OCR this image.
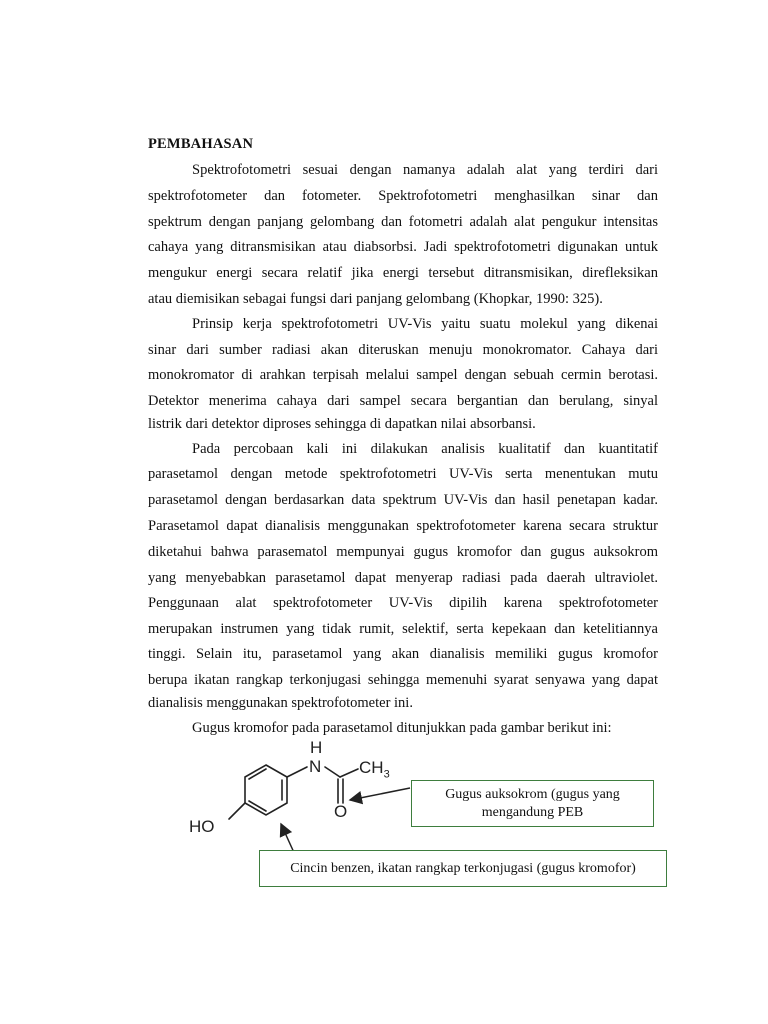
PEMBAHASAN
Spektrofotometri sesuai dengan namanya adalah alat yang terdiri dari
spektrofotometer dan fotometer. Spektrofotometri menghasilkan sinar dan
spektrum dengan panjang gelombang dan fotometri adalah alat pengukur intensitas
cahaya yang ditransmisikan atau diabsorbsi. Jadi spektrofotometri digunakan untuk
mengukur energi secara relatif jika energi tersebut ditransmisikan, direfleksikan
atau diemisikan sebagai fungsi dari panjang gelombang (Khopkar, 1990: 325).
Prinsip kerja spektrofotometri UV-Vis yaitu suatu molekul yang dikenai
sinar dari sumber radiasi akan diteruskan menuju monokromator. Cahaya dari
monokromator di arahkan terpisah melalui sampel dengan sebuah cermin berotasi.
Detektor menerima cahaya dari sampel secara bergantian dan berulang, sinyal
listrik dari detektor diproses sehingga di dapatkan nilai absorbansi.
Pada percobaan kali ini dilakukan analisis kualitatif dan kuantitatif
parasetamol dengan metode spektrofotometri UV-Vis serta menentukan mutu
parasetamol dengan berdasarkan data spektrum UV-Vis dan hasil penetapan kadar.
Parasetamol dapat dianalisis menggunakan spektrofotometer karena secara struktur
diketahui bahwa parasematol mempunyai gugus kromofor dan gugus auksokrom
yang menyebabkan parasetamol dapat menyerap radiasi pada daerah ultraviolet.
Penggunaan alat spektrofotometer UV-Vis dipilih karena spektrofotometer
merupakan instrumen yang tidak rumit, selektif, serta kepekaan dan ketelitiannya
tinggi. Selain itu, parasetamol yang akan dianalisis memiliki gugus kromofor
berupa ikatan rangkap terkonjugasi sehingga memenuhi syarat senyawa yang dapat
dianalisis menggunakan spektrofotometer ini.
Gugus kromofor pada parasetamol ditunjukkan pada gambar berikut ini:
HO
N
H
O
$CH_3$
Gugus auksokrom (gugus yang mengandung PEB
Cincin benzen, ikatan rangkap terkonjugasi (gugus kromofor)
